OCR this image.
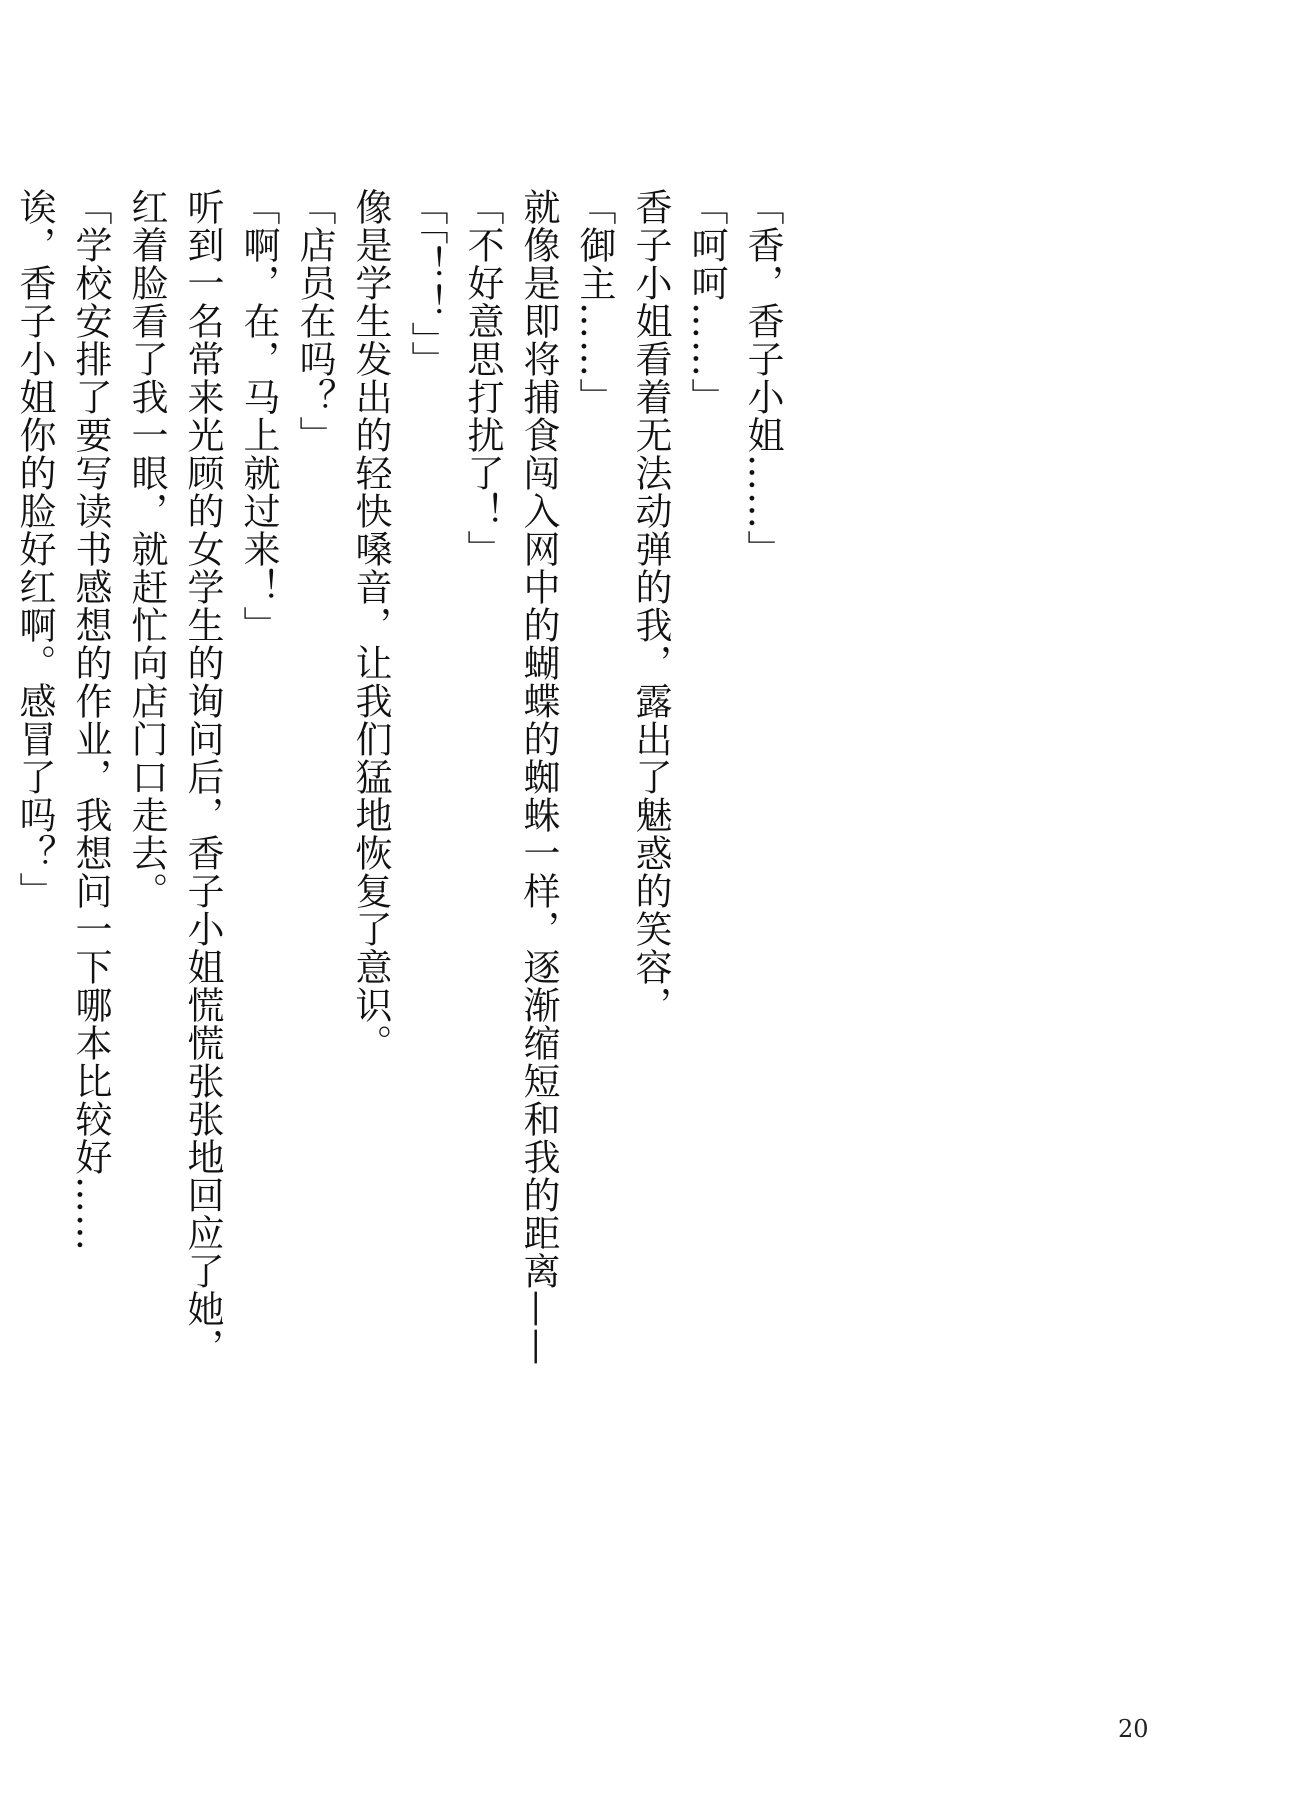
「香，香子小姐……」

「呵呵……」

香子小姐看着无法动弹的我，露出了魅惑的笑容，

「御主……」

就像是即将捕食闯入网中的蝴蝶的蜘蛛一样，逐渐缩短和我的距离——

「不好意思打扰了！」

「「！！」」

像是学生发出的轻快嗓音，让我们猛地恢复了意识。

「店员在吗？」

「啊，在，马上就过来！」

听到一名常来光顾的女学生的询问后，香子小姐慌慌张张地回应了她，

红着脸看了我一眼，就赶忙向店门口走去。

「学校安排了要写读书感想的作业，我想问一下哪本比较好……

诶，香子小姐你的脸好红啊。感冒了吗？」

20
